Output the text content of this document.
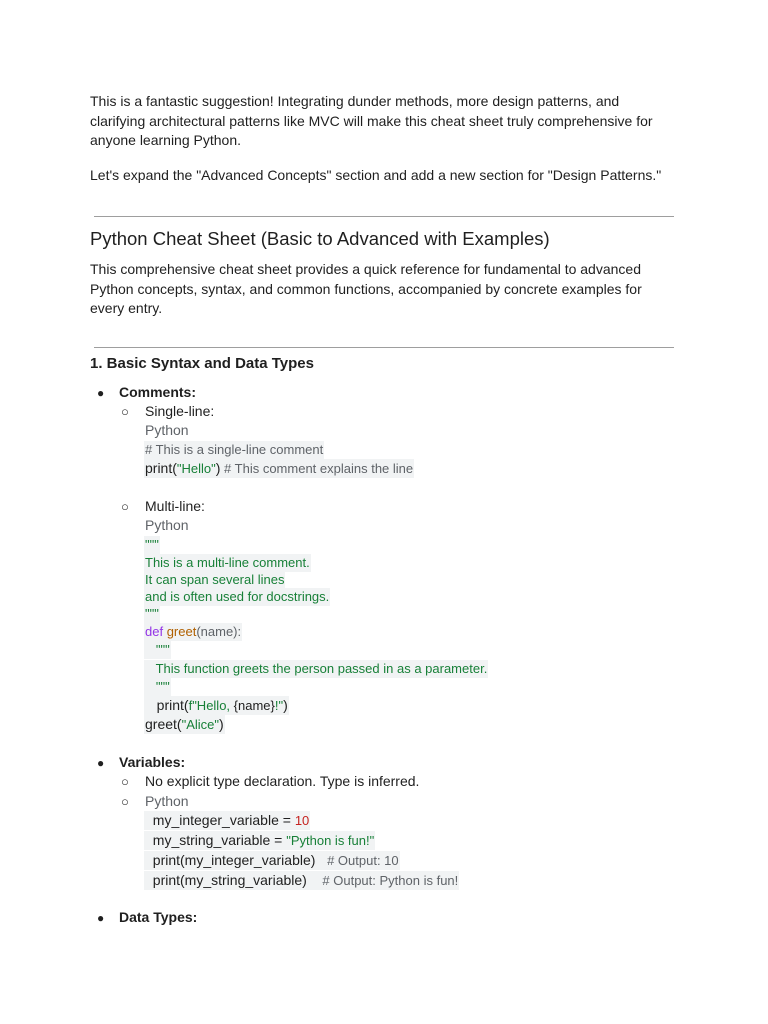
This is a fantastic suggestion! Integrating dunder methods, more design patterns, and
clarifying architectural patterns like MVC will make this cheat sheet truly comprehensive for
anyone learning Python.
Let's expand the "Advanced Concepts" section and add a new section for "Design Patterns."
Python Cheat Sheet (Basic to Advanced with Examples)
This comprehensive cheat sheet provides a quick reference for fundamental to advanced
Python concepts, syntax, and common functions, accompanied by concrete examples for
every entry.
1. Basic Syntax and Data Types
● Comments:
○ Single-line:
Python
# This is a single-line comment
print("Hello") # This comment explains the line
○ Multi-line:
Python
"""
This is a multi-line comment.
It can span several lines
and is often used for docstrings.
"""
def greet(name):
"""
This function greets the person passed in as a parameter.
"""
print(f"Hello, {name}!")
greet("Alice")
● Variables:
○ No explicit type declaration. Type is inferred.
○ Python
my_integer_variable = 10
my_string_variable = "Python is fun!"
print(my_integer_variable) # Output: 10
print(my_string_variable) # Output: Python is fun!
● Data Types:
